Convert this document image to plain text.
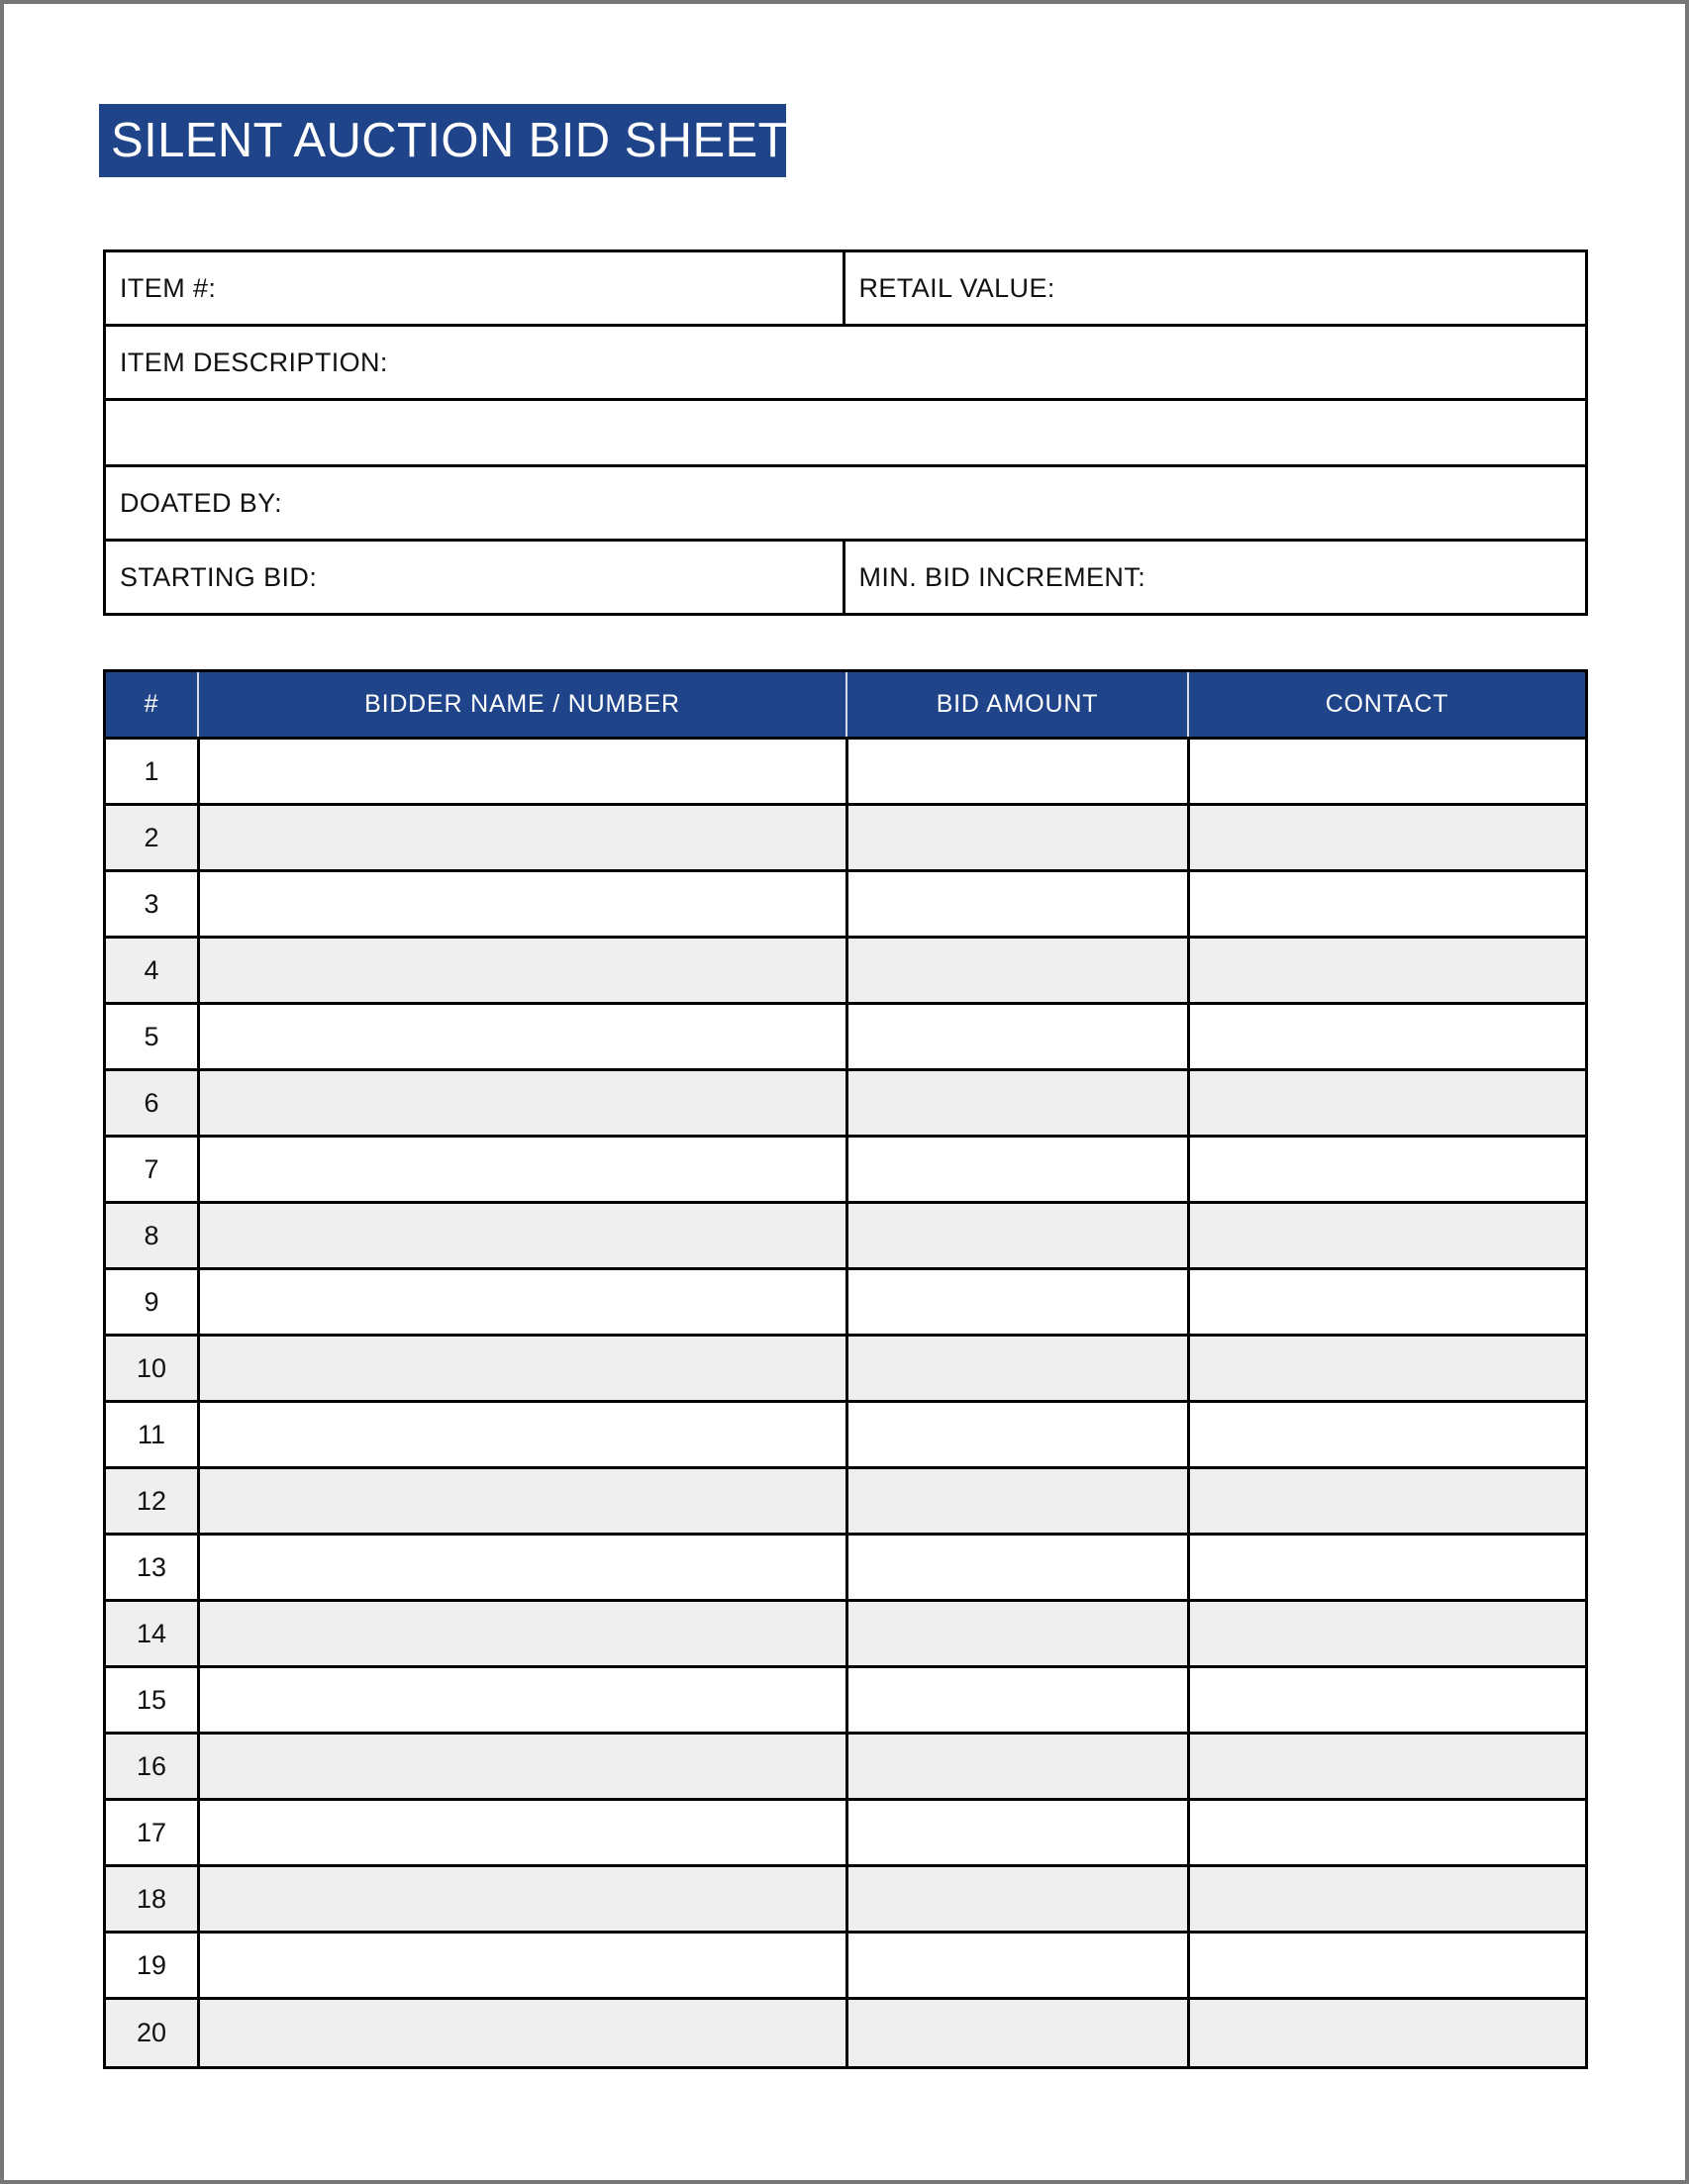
SILENT AUCTION BID SHEET
ITEM #:	RETAIL VALUE:
ITEM DESCRIPTION:
DOATED BY:
STARTING BID:	MIN. BID INCREMENT:
#	BIDDER NAME / NUMBER	BID AMOUNT	CONTACT
1
2
3
4
5
6
7
8
9
10
11
12
13
14
15
16
17
18
19
20
